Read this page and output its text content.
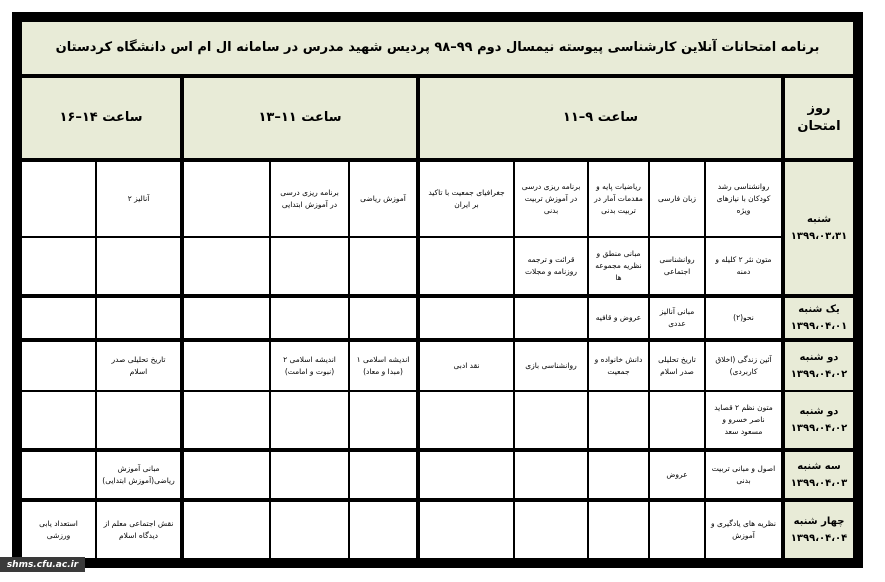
برنامه امتحانات آنلاین کارشناسی پیوسته نیمسال دوم ۹۹–۹۸ پردیس شهید مدرس در سامانه ال ام اس دانشگاه کردستان
روز امتحان
ساعت ۹–۱۱
ساعت ۱۱–۱۳
ساعت ۱۴–۱۶
شنبه ۱۳۹۹،۰۳،۳۱
یک شنبه ۱۳۹۹،۰۴،۰۱
دو شنبه ۱۳۹۹،۰۴،۰۲
دو شنبه ۱۳۹۹،۰۴،۰۲
سه شنبه ۱۳۹۹،۰۴،۰۳
چهار شنبه ۱۳۹۹،۰۴،۰۴
روانشناسی رشد کودکان با نیازهای ویژه
زبان فارسی
ریاضیات پایه و مقدمات آمار در تربیت بدنی
برنامه ریزی درسی در آموزش تربیت بدنی
جغرافیای جمعیت با تاکید بر ایران
آموزش ریاضی
برنامه ریزی درسی در آموزش ابتدایی
آنالیز ۲
متون نثر ۲ کلیله و دمنه
روانشناسی اجتماعی
مبانی منطق و نظریه مجموعه ها
قرائت و ترجمه روزنامه و مجلات
نحو(۲)
مبانی آنالیز عددی
عروض و قافیه
آئین زندگی (اخلاق کاربردی)
تاریخ تحلیلی صدر اسلام
دانش خانواده و جمعیت
روانشناسی بازی
نقد ادبی
اندیشه اسلامی ۱ (مبدا و معاد)
اندیشه اسلامی ۲ (نبوت و امامت)
تاریخ تحلیلی صدر اسلام
متون نظم ۲ قصاید ناصر خسرو و مسعود سعد
اصول و مبانی تربیت بدنی
عروض
مبانی آموزش ریاضی(آموزش ابتدایی)
نظریه های یادگیری و آموزش
نقش اجتماعی معلم از دیدگاه اسلام
استعداد یابی ورزشی
shms.cfu.ac.ir
